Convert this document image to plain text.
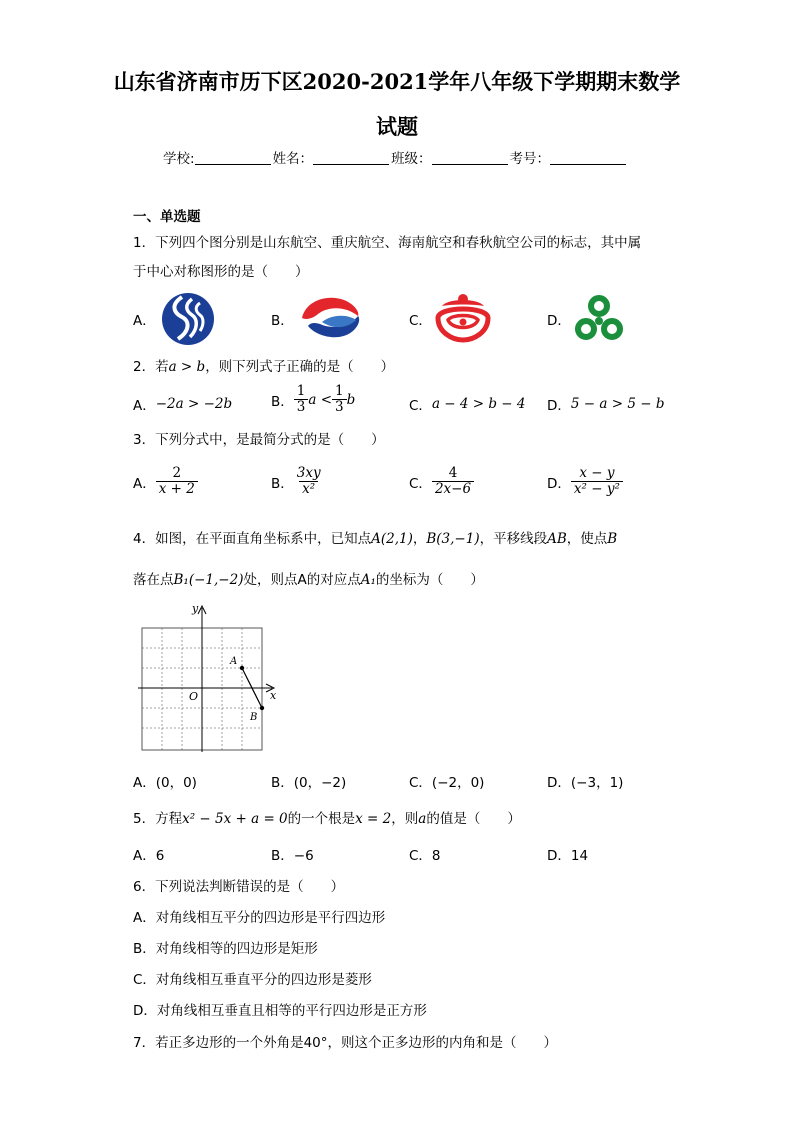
山东省济南市历下区2020-2021学年八年级下学期期末数学
试题
学校:	姓名：	班级：	考号：
一、单选题
1．下列四个图分别是山东航空、重庆航空、海南航空和春秋航空公司的标志，其中属
于中心对称图形的是（　　）
A．	B．	C．	D．
2．若a > b，则下列式子正确的是（　　）
A． −2a > −2b	B． $\frac{1}{3}$ $a < \frac{1}{3}$ b	C． a − 4 > b − 4 D． 5 − a > 5 − b
3．下列分式中，是最简分式的是（　　）
A． $\frac{2}{x + 2}$	B． $\frac{3xy}{\text{x²}}$	C． $\frac{4}{2x-6}$	D． $\frac{x - y}{\text{x² − y²}}$
4．如图，在平面直角坐标系中，已知点A(2,1)，B(3,−1)，平移线段AB，使点B
落在点B₁(−1,−2)处，则点A的对应点A₁的坐标为（　　）
y
x
O
A
B
A．(0，0)	B．(0，−2)	C．(−2，0)	D．(−3，1)
5．方程x² − 5x + a = 0的一个根是x = 2，则a的值是（　　）
A．6	B．−6	C．8	D．14
6．下列说法判断错误的是（　　）
A．对角线相互平分的四边形是平行四边形
B．对角线相等的四边形是矩形
C．对角线相互垂直平分的四边形是菱形
D．对角线相互垂直且相等的平行四边形是正方形
7．若正多边形的一个外角是40°，则这个正多边形的内角和是（　　）
